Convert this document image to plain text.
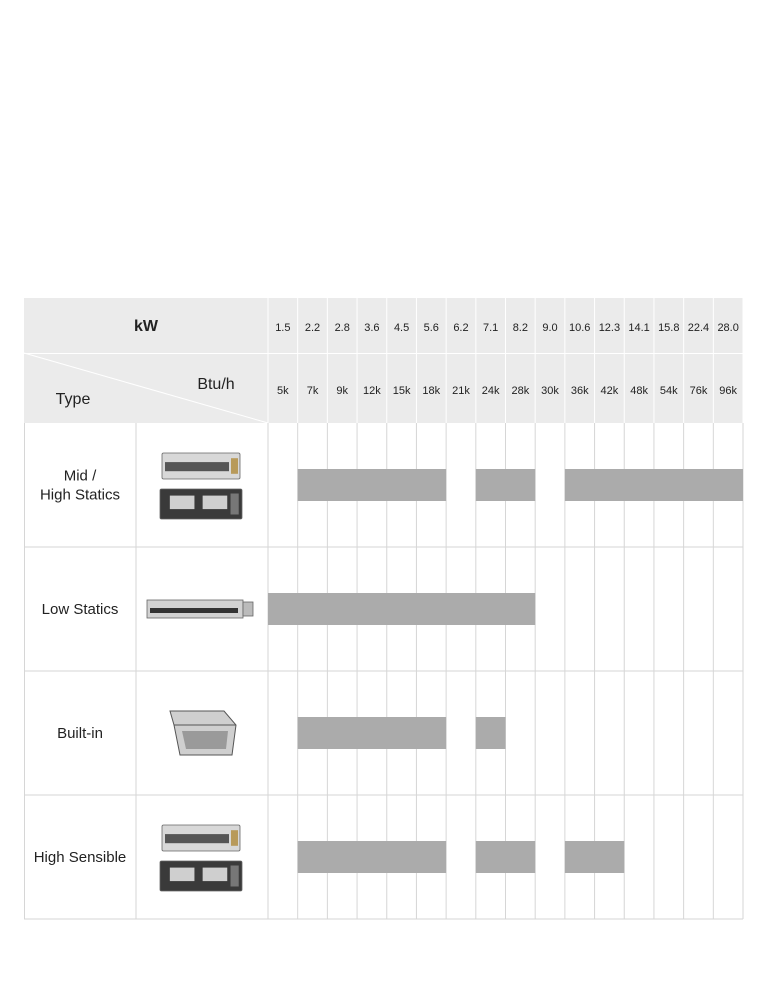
kW
Btu/h
Type
1.5 2.2 2.8 3.6 4.5 5.6 6.2 7.1 8.2 9.0 10.6 12.3 14.1 15.8 22.4 28.0
5k 7k 9k 12k 15k 18k 21k 24k 28k 30k 36k 42k 48k 54k 76k 96k
Mid /
High Statics
Low Statics
Built-in
High Sensible
